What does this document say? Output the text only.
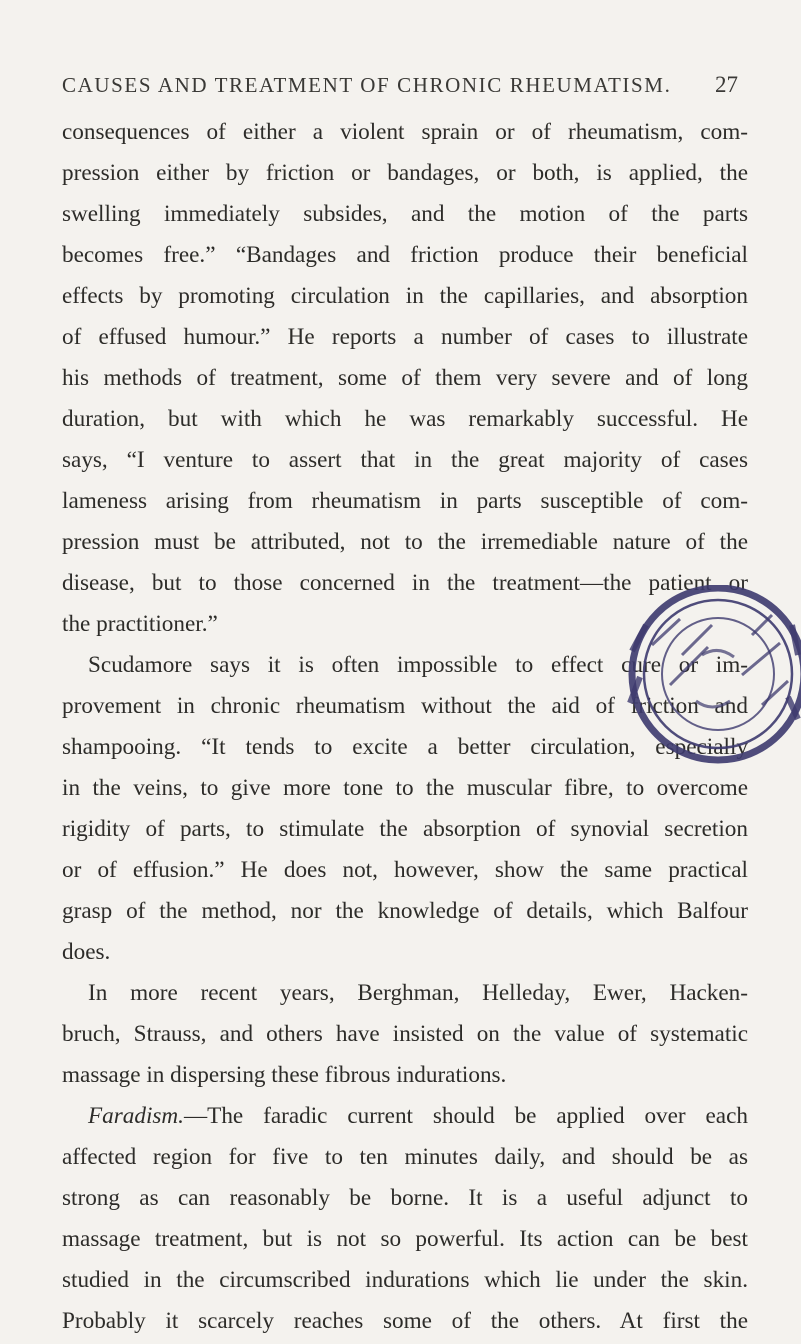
CAUSES AND TREATMENT OF CHRONIC RHEUMATISM. 27
consequences of either a violent sprain or of rheumatism, com-
pression either by friction or bandages, or both, is applied, the
swelling immediately subsides, and the motion of the parts
becomes free.” “Bandages and friction produce their beneficial
effects by promoting circulation in the capillaries, and absorption
of effused humour.” He reports a number of cases to illustrate
his methods of treatment, some of them very severe and of long
duration, but with which he was remarkably successful. He
says, “I venture to assert that in the great majority of cases
lameness arising from rheumatism in parts susceptible of com-
pression must be attributed, not to the irremediable nature of the
disease, but to those concerned in the treatment—the patient or
the practitioner.”
Scudamore says it is often impossible to effect cure or im-
provement in chronic rheumatism without the aid of friction and
shampooing. “It tends to excite a better circulation, especially
in the veins, to give more tone to the muscular fibre, to overcome
rigidity of parts, to stimulate the absorption of synovial secretion
or of effusion.” He does not, however, show the same practical
grasp of the method, nor the knowledge of details, which Balfour
does.
In more recent years, Berghman, Helleday, Ewer, Hacken-
bruch, Strauss, and others have insisted on the value of systematic
massage in dispersing these fibrous indurations.
Faradism.—The faradic current should be applied over each
affected region for five to ten minutes daily, and should be as
strong as can reasonably be borne. It is a useful adjunct to
massage treatment, but is not so powerful. Its action can be best
studied in the circumscribed indurations which lie under the skin.
Probably it scarcely reaches some of the others. At first the
